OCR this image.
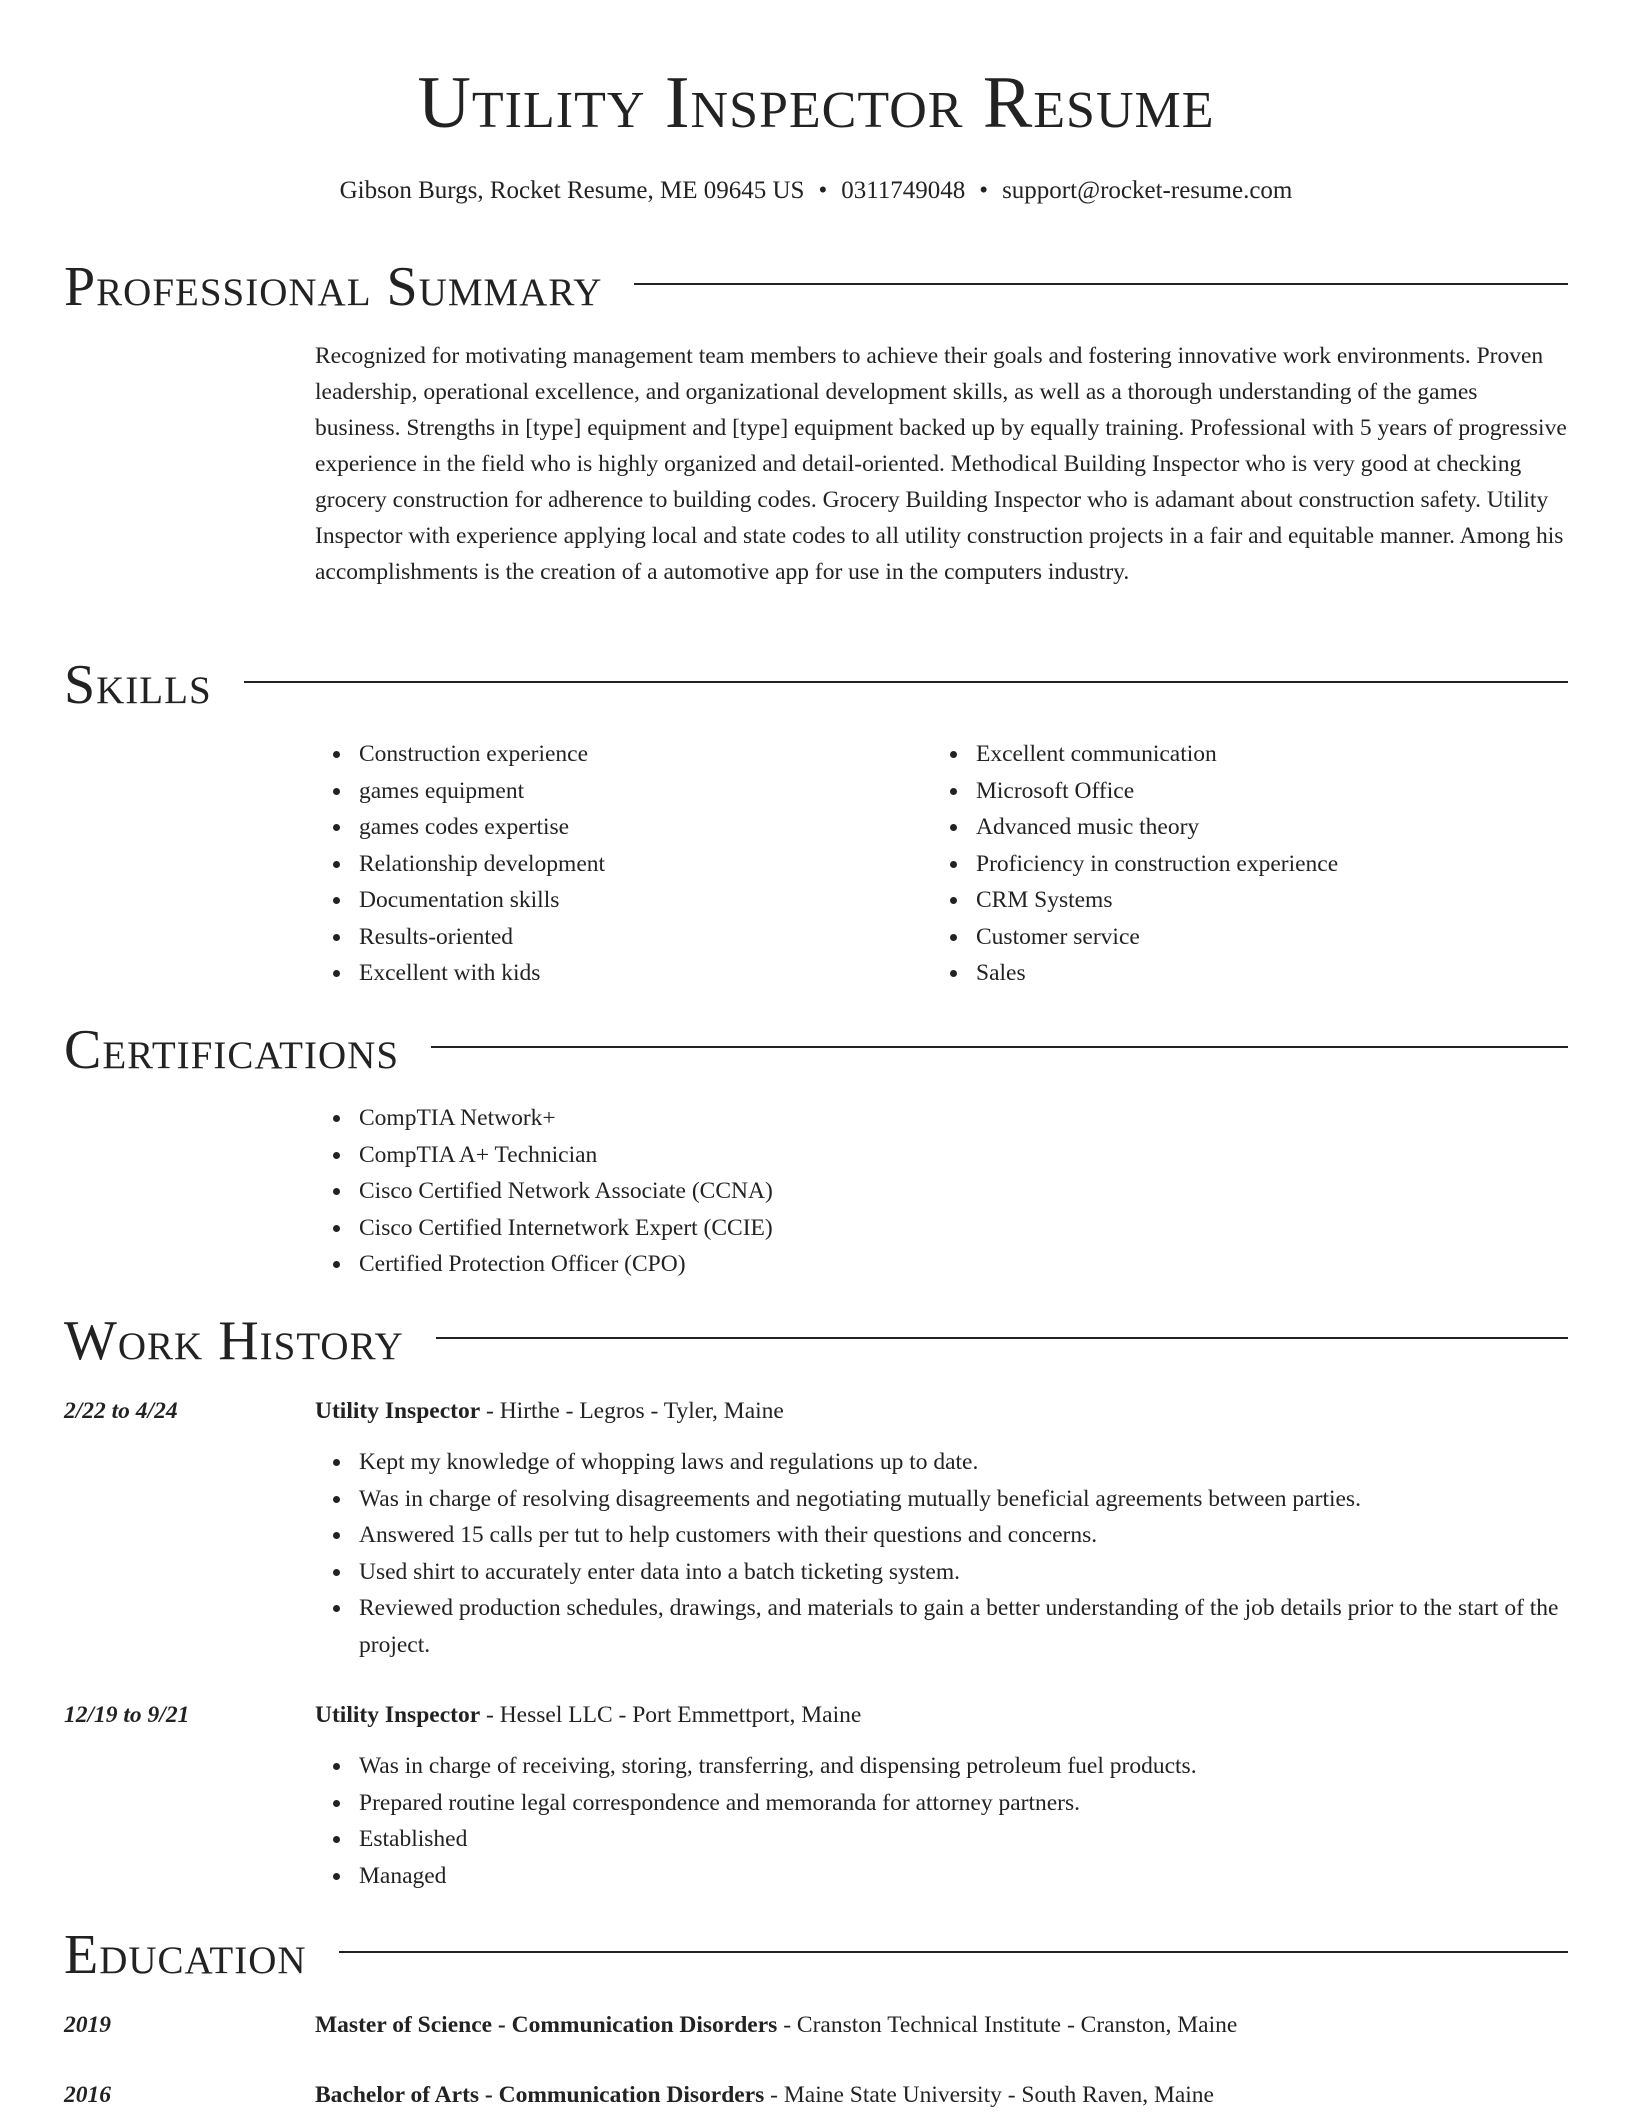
Utility Inspector Resume
Gibson Burgs, Rocket Resume, ME 09645 US • 0311749048 • support@rocket-resume.com
Professional Summary
Recognized for motivating management team members to achieve their goals and fostering innovative work environments. Proven leadership, operational excellence, and organizational development skills, as well as a thorough understanding of the games business. Strengths in [type] equipment and [type] equipment backed up by equally training. Professional with 5 years of progressive experience in the field who is highly organized and detail-oriented. Methodical Building Inspector who is very good at checking grocery construction for adherence to building codes. Grocery Building Inspector who is adamant about construction safety. Utility Inspector with experience applying local and state codes to all utility construction projects in a fair and equitable manner. Among his accomplishments is the creation of a automotive app for use in the computers industry.
Skills
Construction experience
games equipment
games codes expertise
Relationship development
Documentation skills
Results-oriented
Excellent with kids
Excellent communication
Microsoft Office
Advanced music theory
Proficiency in construction experience
CRM Systems
Customer service
Sales
Certifications
CompTIA Network+
CompTIA A+ Technician
Cisco Certified Network Associate (CCNA)
Cisco Certified Internetwork Expert (CCIE)
Certified Protection Officer (CPO)
Work History
2/22 to 4/24	Utility Inspector - Hirthe - Legros - Tyler, Maine
Kept my knowledge of whopping laws and regulations up to date.
Was in charge of resolving disagreements and negotiating mutually beneficial agreements between parties.
Answered 15 calls per tut to help customers with their questions and concerns.
Used shirt to accurately enter data into a batch ticketing system.
Reviewed production schedules, drawings, and materials to gain a better understanding of the job details prior to the start of the project.
12/19 to 9/21	Utility Inspector - Hessel LLC - Port Emmettport, Maine
Was in charge of receiving, storing, transferring, and dispensing petroleum fuel products.
Prepared routine legal correspondence and memoranda for attorney partners.
Established
Managed
Education
2019	Master of Science - Communication Disorders - Cranston Technical Institute - Cranston, Maine
2016	Bachelor of Arts - Communication Disorders - Maine State University - South Raven, Maine
